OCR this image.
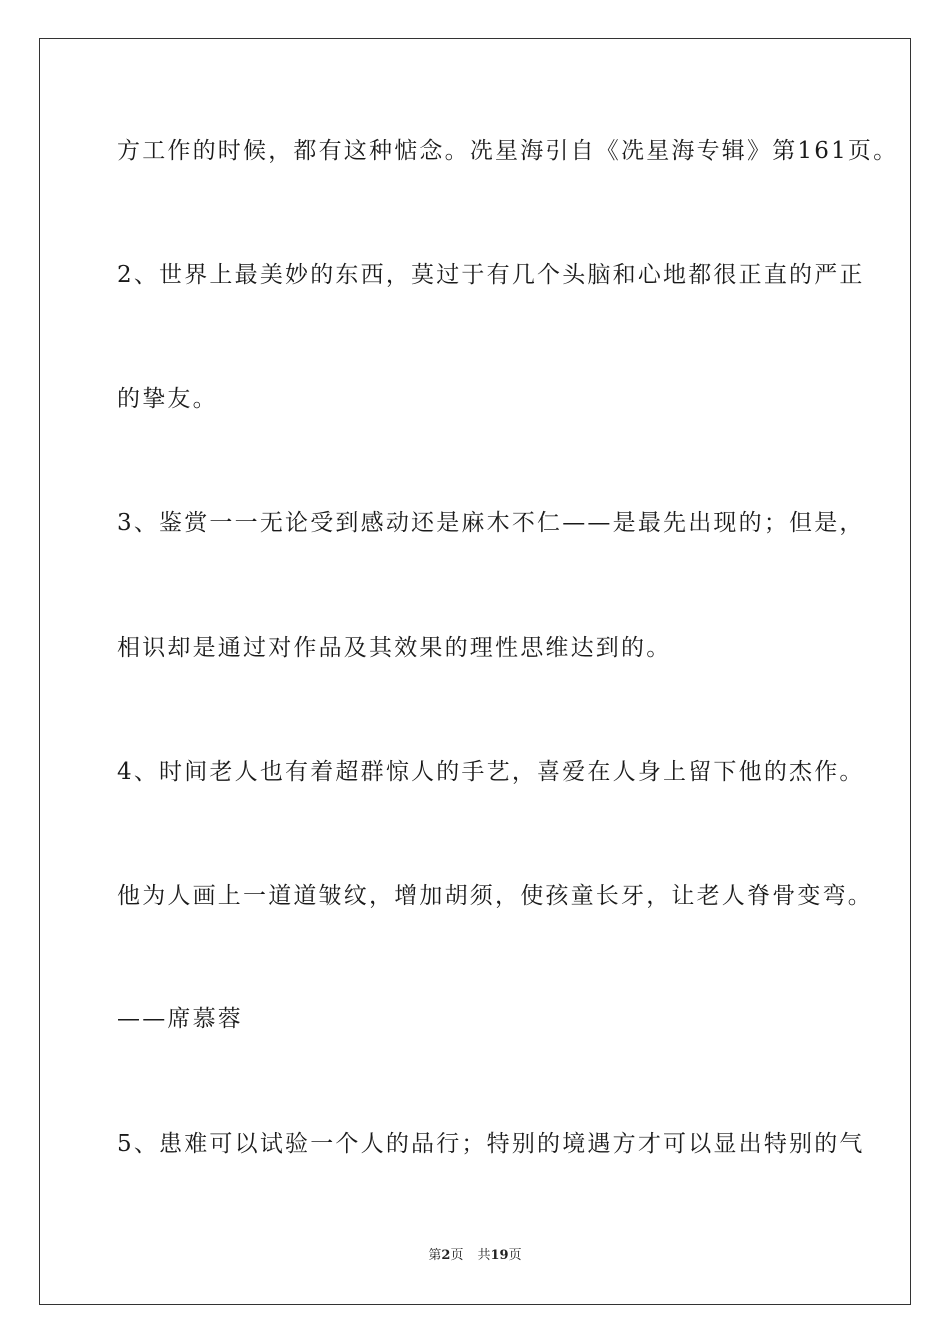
方工作的时候，都有这种惦念。冼星海引自《冼星海专辑》第161页。
2、世界上最美妙的东西，莫过于有几个头脑和心地都很正直的严正
的挚友。
3、鉴赏一一无论受到感动还是麻木不仁——是最先出现的；但是，
相识却是通过对作品及其效果的理性思维达到的。
4、时间老人也有着超群惊人的手艺，喜爱在人身上留下他的杰作。
他为人画上一道道皱纹，增加胡须，使孩童长牙，让老人脊骨变弯。
——席慕蓉
5、患难可以试验一个人的品行；特别的境遇方才可以显出特别的气
第2页 共19页
